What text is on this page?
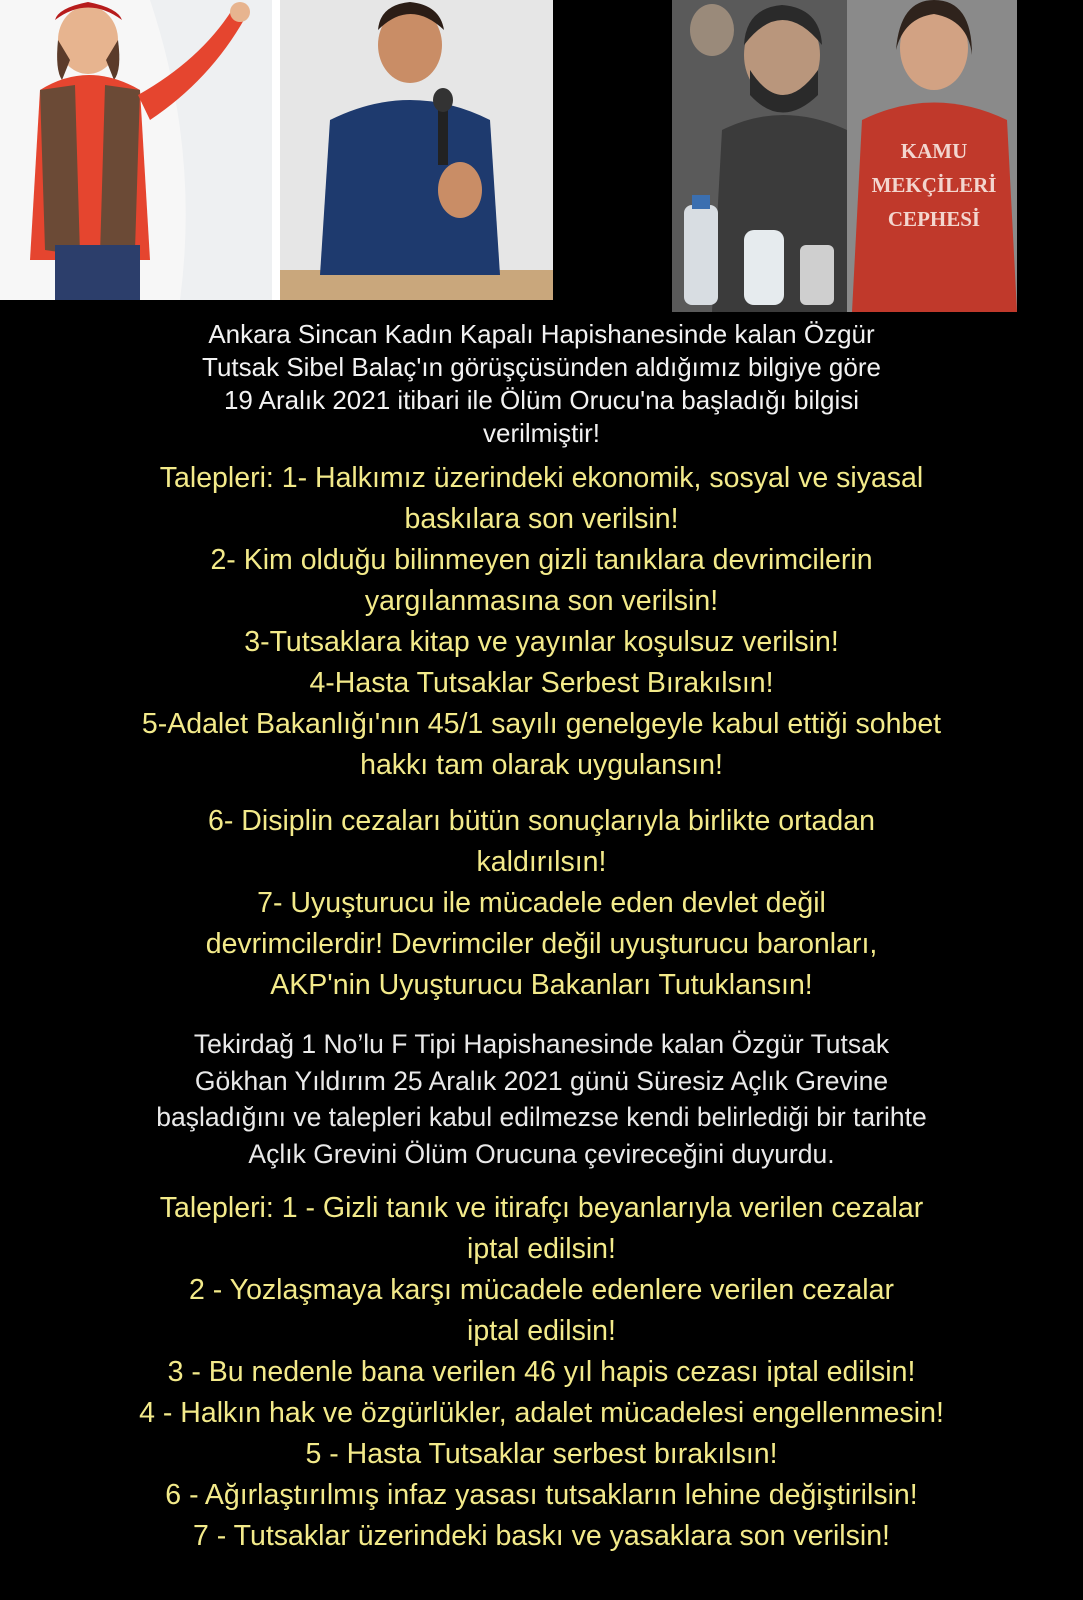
KAMU
MEKÇİLERİ
CEPHESİ
Ankara Sincan Kadın Kapalı Hapishanesinde kalan Özgür
Tutsak Sibel Balaç'ın görüşçüsünden aldığımız bilgiye göre
19 Aralık 2021 itibari ile Ölüm Orucu'na başladığı bilgisi
verilmiştir!
Talepleri: 1- Halkımız üzerindeki ekonomik, sosyal ve siyasal
baskılara son verilsin!
2- Kim olduğu bilinmeyen gizli tanıklara devrimcilerin
yargılanmasına son verilsin!
3-Tutsaklara kitap ve yayınlar koşulsuz verilsin!
4-Hasta Tutsaklar Serbest Bırakılsın!
5-Adalet Bakanlığı'nın 45/1 sayılı genelgeyle kabul ettiği sohbet
hakkı tam olarak uygulansın!
6- Disiplin cezaları bütün sonuçlarıyla birlikte ortadan
kaldırılsın!
7- Uyuşturucu ile mücadele eden devlet değil
devrimcilerdir! Devrimciler değil uyuşturucu baronları,
AKP'nin Uyuşturucu Bakanları Tutuklansın!
Tekirdağ 1 No’lu F Tipi Hapishanesinde kalan Özgür Tutsak
Gökhan Yıldırım 25 Aralık 2021 günü Süresiz Açlık Grevine
başladığını ve talepleri kabul edilmezse kendi belirlediği bir tarihte
Açlık Grevini Ölüm Orucuna çevireceğini duyurdu.
Talepleri: 1 - Gizli tanık ve itirafçı beyanlarıyla verilen cezalar
iptal edilsin!
2 - Yozlaşmaya karşı mücadele edenlere verilen cezalar
iptal edilsin!
3 - Bu nedenle bana verilen 46 yıl hapis cezası iptal edilsin!
4 - Halkın hak ve özgürlükler, adalet mücadelesi engellenmesin!
5 - Hasta Tutsaklar serbest bırakılsın!
6 - Ağırlaştırılmış infaz yasası tutsakların lehine değiştirilsin!
7 - Tutsaklar üzerindeki baskı ve yasaklara son verilsin!
